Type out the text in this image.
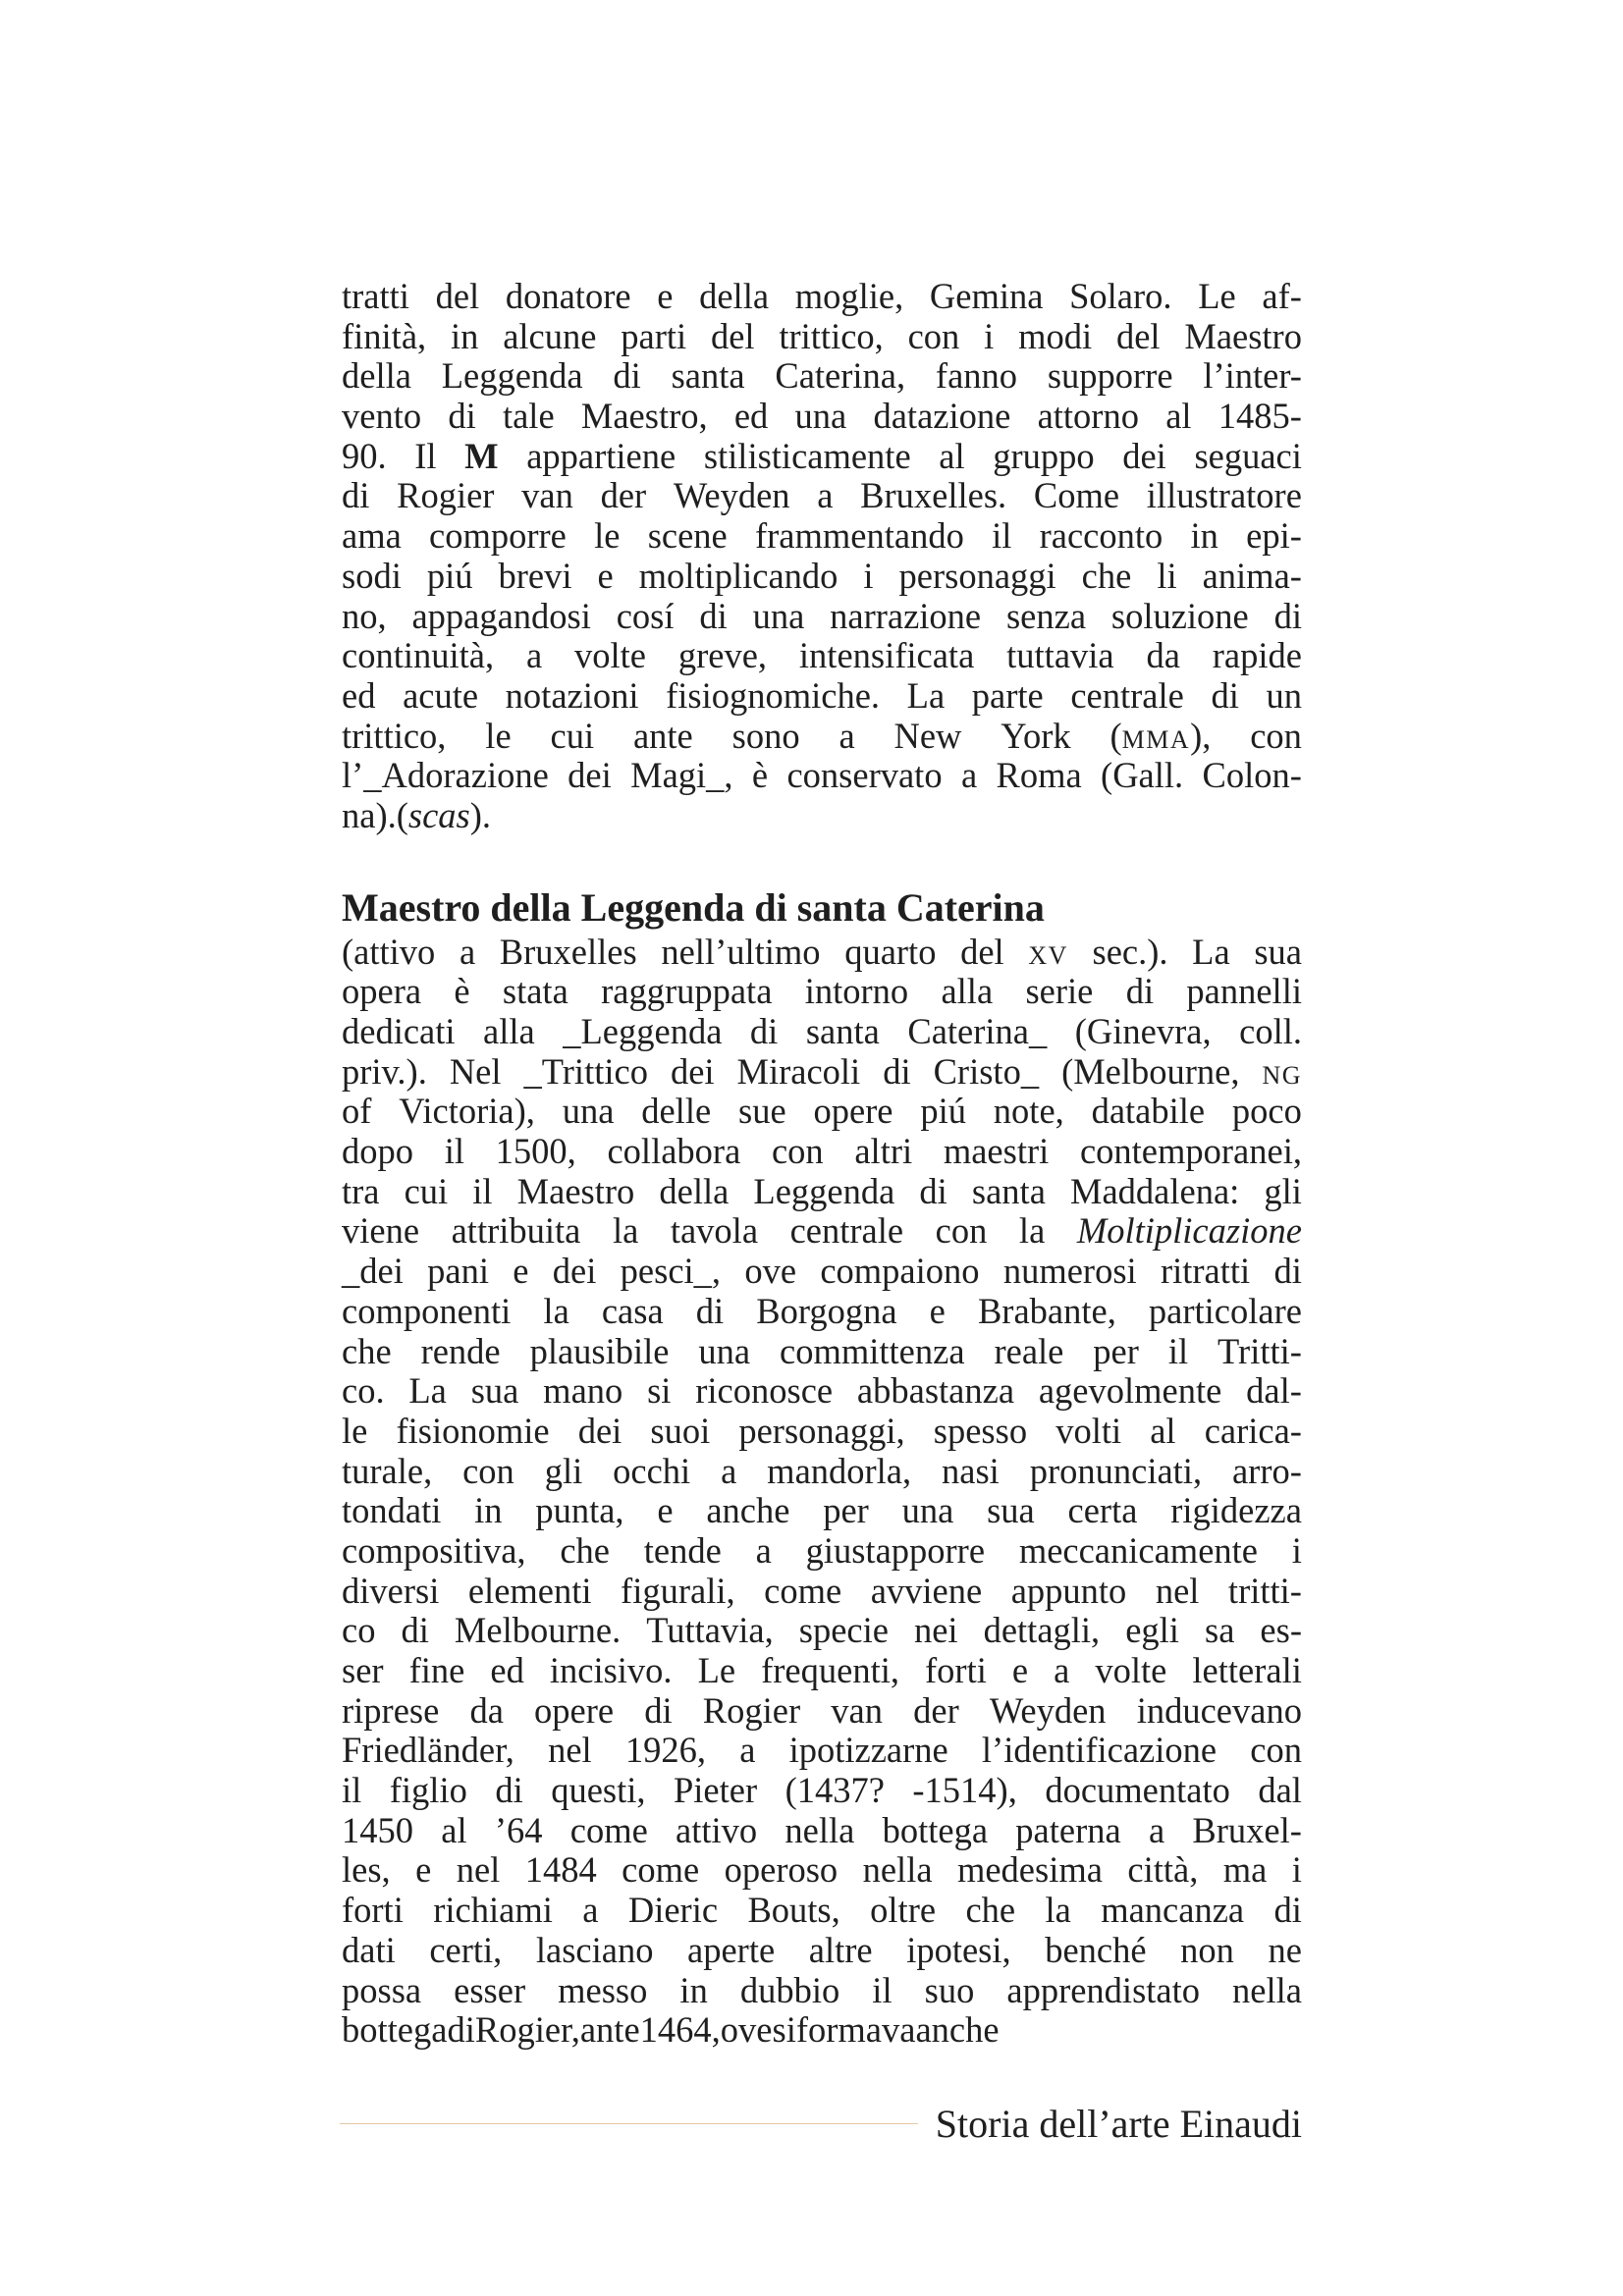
tratti del donatore e della moglie, Gemina Solaro. Le af-
finità, in alcune parti del trittico, con i modi del Maestro
della Leggenda di santa Caterina, fanno supporre l’inter-
vento di tale Maestro, ed una datazione attorno al 1485-
90. Il M appartiene stilisticamente al gruppo dei seguaci
di Rogier van der Weyden a Bruxelles. Come illustratore
ama comporre le scene frammentando il racconto in epi-
sodi piú brevi e moltiplicando i personaggi che li anima-
no, appagandosi cosí di una narrazione senza soluzione di
continuità, a volte greve, intensificata tuttavia da rapide
ed acute notazioni fisiognomiche. La parte centrale di un
trittico, le cui ante sono a New York (mma), con
l’_Adorazione dei Magi_, è conservato a Roma (Gall. Colon-
na). (scas).
Maestro della Leggenda di santa Caterina
(attivo a Bruxelles nell’ultimo quarto del xv sec.). La sua
opera è stata raggruppata intorno alla serie di pannelli
dedicati alla _Leggenda di santa Caterina_ (Ginevra, coll.
priv.). Nel _Trittico dei Miracoli di Cristo_ (Melbourne, ng
of Victoria), una delle sue opere piú note, databile poco
dopo il 1500, collabora con altri maestri contemporanei,
tra cui il Maestro della Leggenda di santa Maddalena: gli
viene attribuita la tavola centrale con la Moltiplicazione
_dei pani e dei pesci_, ove compaiono numerosi ritratti di
componenti la casa di Borgogna e Brabante, particolare
che rende plausibile una committenza reale per il Tritti-
co. La sua mano si riconosce abbastanza agevolmente dal-
le fisionomie dei suoi personaggi, spesso volti al carica-
turale, con gli occhi a mandorla, nasi pronunciati, arro-
tondati in punta, e anche per una sua certa rigidezza
compositiva, che tende a giustapporre meccanicamente i
diversi elementi figurali, come avviene appunto nel tritti-
co di Melbourne. Tuttavia, specie nei dettagli, egli sa es-
ser fine ed incisivo. Le frequenti, forti e a volte letterali
riprese da opere di Rogier van der Weyden inducevano
Friedländer, nel 1926, a ipotizzarne l’identificazione con
il figlio di questi, Pieter (1437? -1514), documentato dal
1450 al ’64 come attivo nella bottega paterna a Bruxel-
les, e nel 1484 come operoso nella medesima città, ma i
forti richiami a Dieric Bouts, oltre che la mancanza di
dati certi, lasciano aperte altre ipotesi, benché non ne
possa esser messo in dubbio il suo apprendistato nella
bottega di Rogier, ante 1464, ove si formava anche
Storia dell’arte Einaudi
